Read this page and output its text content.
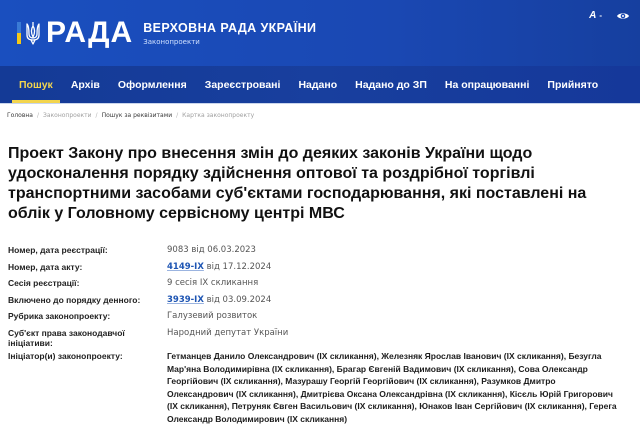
РАДА ВЕРХОВНА РАДА УКРАЇНИ
Законопроекти
A -
Пошук	Архів	Оформлення	Зареєстровані	Надано	Надано до ЗП	На опрацюванні	Прийнято
Головна / Законопроекти / Пошук за реквізитами / Картка законопроекту
Проект Закону про внесення змін до деяких законів України щодо удосконалення порядку здійснення оптової та роздрібної торгівлі транспортними засобами суб'єктами господарювання, які поставлені на облік у Головному сервісному центрі МВС
Номер, дата реєстрації:	9083 від 06.03.2023
Номер, дата акту:	4149-IX від 17.12.2024
Сесія реєстрації:	9 сесія IX скликання
Включено до порядку денного:	3939-IX від 03.09.2024
Рубрика законопроекту:	Галузевий розвиток
Суб'єкт права законодавчої ініціативи:
Народний депутат України
Ініціатор(и) законопроекту:	Гетманцев Данило Олександрович (IX скликання), Железняк Ярослав Іванович (IX скликання), Безугла Мар'яна Володимирівна (IX скликання), Брагар Євгеній Вадимович (IX скликання), Сова Олександр Георгійович (IX скликання), Мазурашу Георгій Георгійович (IX скликання), Разумков Дмитро Олександрович (IX скликання), Дмитрієва Оксана Олександрівна (IX скликання), Кісєль Юрій Григорович (IX скликання), Петруняк Євген Васильович (IX скликання), Юнаков Іван Сергійович (IX скликання), Герега Олександр Володимирович (IX скликання)
